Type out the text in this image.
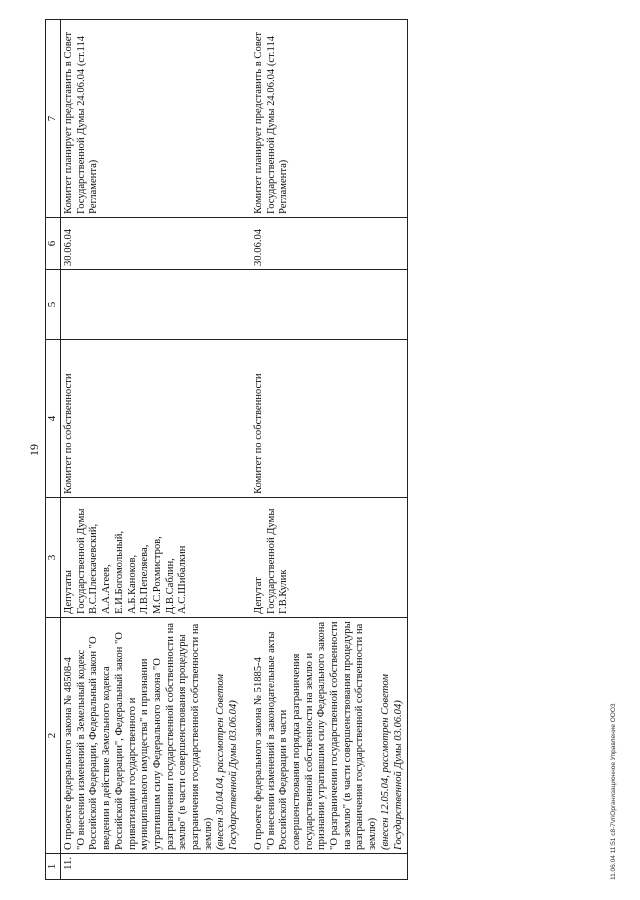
19
1	2	3	4	5	6	7
11.	О проекте федерального закона № 48508-4 "О внесении изменений в Земельный кодекс Российской Федерации, Федеральный закон "О введении в действие Земельного кодекса Российской Федерации", Федеральный закон "О приватизации государственного и муниципального имущества" и признании утратившим силу Федерального закона "О разграничении государственной собственности на землю" (в части совершенствования процедуры разграничения государственной собственности на землю) (внесен 30.04.04, рассмотрен Советом Государственной Думы 03.06.04)	Депутаты Государственной Думы В.С.Плескачевский, А.А.Агеев, Е.И.Богомольный, А.Б.Каноков, Л.В.Пепеляева, М.С.Рохмистров, Д.В.Саблин, А.С.Шибалкин	Комитет по собственности		30.06.04	Комитет планирует представить в Совет Государственной Думы 24.06.04 (ст.114 Регламента)

	О проекте федерального закона № 51885-4 "О внесении изменений в законодательные акты Российской Федерации в части совершенствования порядка разграничения государственной собственности на землю и признании утратившим силу Федерального закона "О разграничении государственной собственности на землю" (в части совершенствования процедуры разграничения государственной собственности на землю) (внесен 12.05.04, рассмотрен Советом Государственной Думы 03.06.04)	Депутат Государственной Думы Г.В.Кулик	Комитет по собственности		30.06.04	Комитет планирует представить в Совет Государственной Думы 24.06.04 (ст.114 Регламента)
11.06.04 11:51 c8-7\л\Организационное Управление ООО3
